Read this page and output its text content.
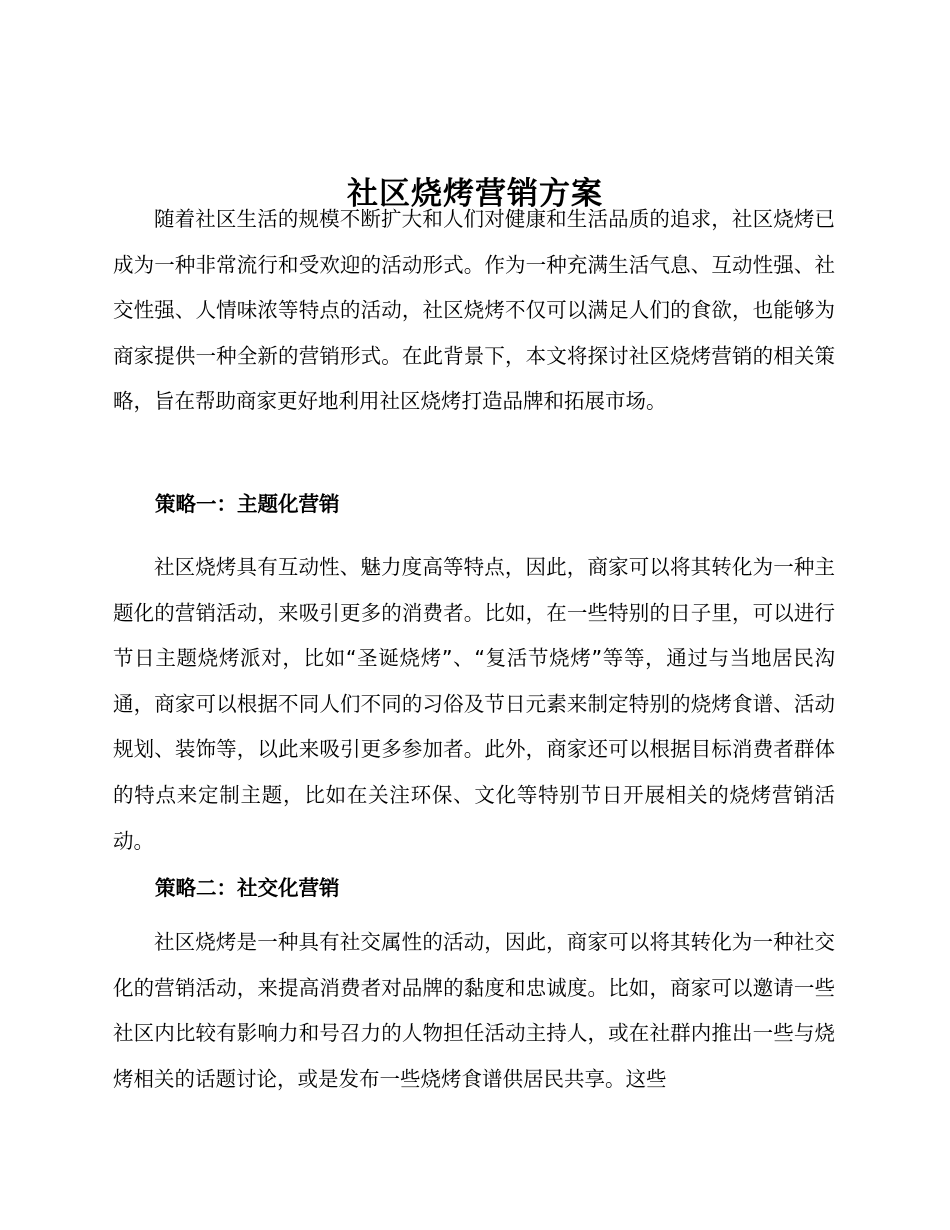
社区烧烤营销方案

随着社区生活的规模不断扩大和人们对健康和生活品质的追求，社区烧烤已成为一种非常流行和受欢迎的活动形式。作为一种充满生活气息、互动性强、社交性强、人情味浓等特点的活动，社区烧烤不仅可以满足人们的食欲，也能够为商家提供一种全新的营销形式。在此背景下，本文将探讨社区烧烤营销的相关策略，旨在帮助商家更好地利用社区烧烤打造品牌和拓展市场。

策略一：主题化营销

社区烧烤具有互动性、魅力度高等特点，因此，商家可以将其转化为一种主题化的营销活动，来吸引更多的消费者。比如，在一些特别的日子里，可以进行节日主题烧烤派对，比如“圣诞烧烤”、“复活节烧烤”等等，通过与当地居民沟通，商家可以根据不同人们不同的习俗及节日元素来制定特别的烧烤食谱、活动规划、装饰等，以此来吸引更多参加者。此外，商家还可以根据目标消费者群体的特点来定制主题，比如在关注环保、文化等特别节日开展相关的烧烤营销活动。

策略二：社交化营销

社区烧烤是一种具有社交属性的活动，因此，商家可以将其转化为一种社交化的营销活动，来提高消费者对品牌的黏度和忠诚度。比如，商家可以邀请一些社区内比较有影响力和号召力的人物担任活动主持人，或在社群内推出一些与烧烤相关的话题讨论，或是发布一些烧烤食谱供居民共享。这些
